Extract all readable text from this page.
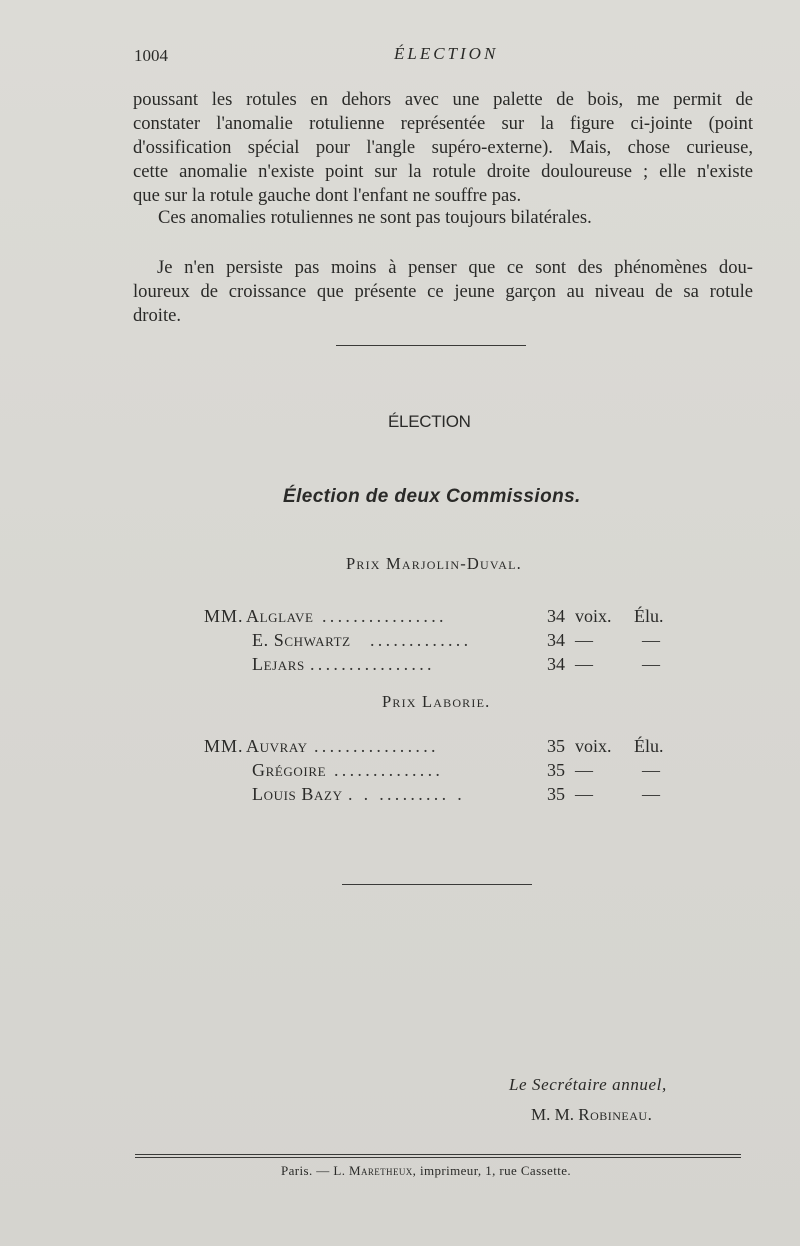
1004	ÉLECTION
poussant les rotules en dehors avec une palette de bois, me permit de
constater l'anomalie rotulienne représentée sur la figure ci-jointe (point
d'ossification spécial pour l'angle supéro-externe). Mais, chose curieuse,
cette anomalie n'existe point sur la rotule droite douloureuse ; elle n'existe
que sur la rotule gauche dont l'enfant ne souffre pas.
Ces anomalies rotuliennes ne sont pas toujours bilatérales.
Je n'en persiste pas moins à penser que ce sont des phénomènes dou-
loureux de croissance que présente ce jeune garçon au niveau de sa rotule
droite.
ÉLECTION
Élection de deux Commissions.
Prix Marjolin-Duval.
MM. Alglave ................	34 voix. Élu.
E. Schwartz .............	34 —	—
Lejars ................	34 —	—
Prix Laborie.
MM. Auvray ................	35 voix. Élu.
Grégoire ..............	35 —	—
Louis Bazy . . ......... .	35 —	—
Le Secrétaire annuel,
M. M. Robineau.
Paris. — L. Maretheux, imprimeur, 1, rue Cassette.
